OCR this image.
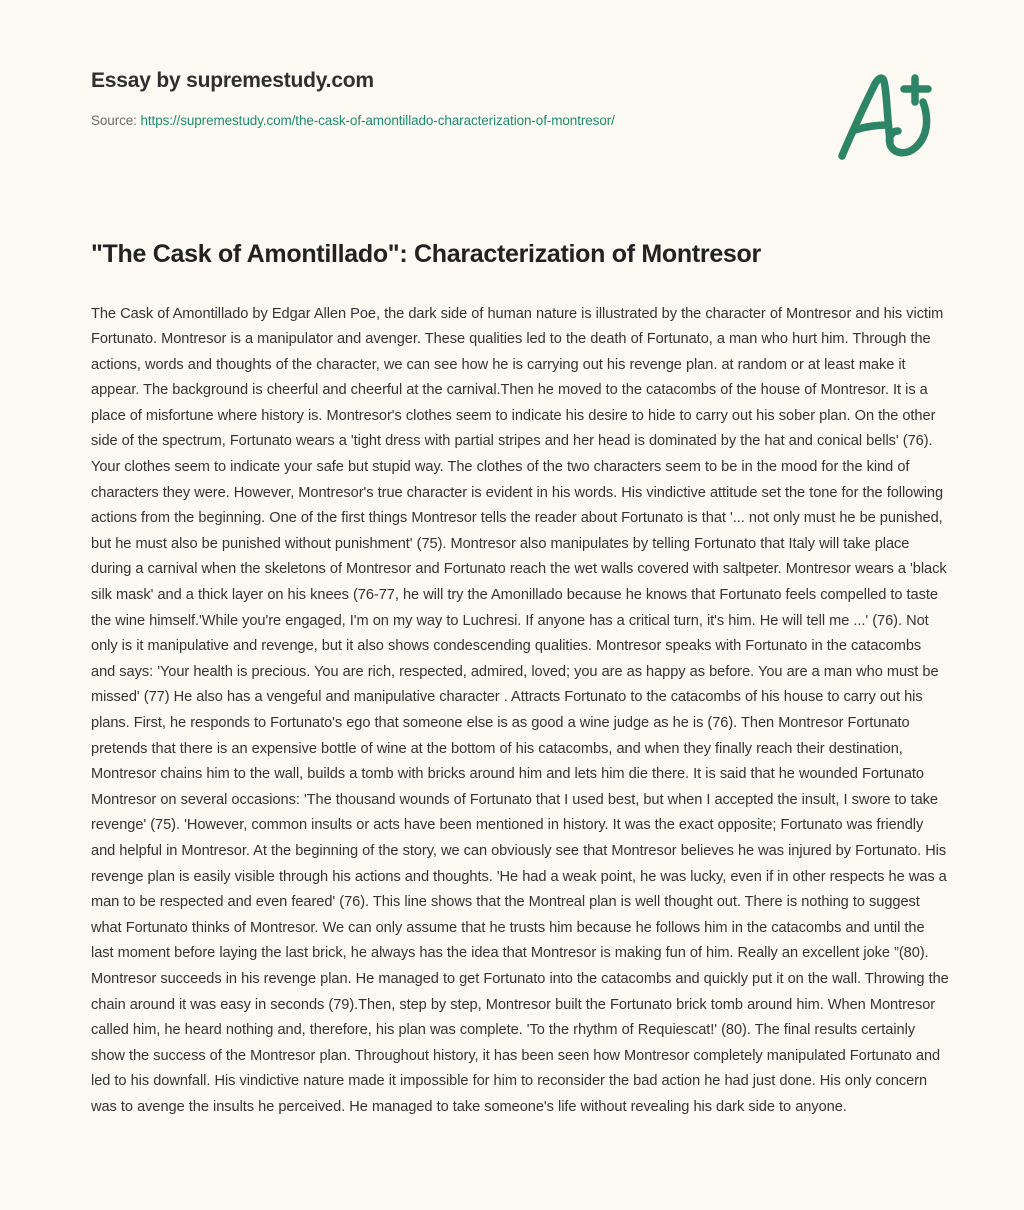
Essay by supremestudy.com
Source: https://supremestudy.com/the-cask-of-amontillado-characterization-of-montresor/
"The Cask of Amontillado": Characterization of Montresor

The Cask of Amontillado by Edgar Allen Poe, the dark side of human nature is illustrated by the character of Montresor and his victim Fortunato. Montresor is a manipulator and avenger. These qualities led to the death of Fortunato, a man who hurt him. Through the actions, words and thoughts of the character, we can see how he is carrying out his revenge plan. at random or at least make it appear. The background is cheerful and cheerful at the carnival.Then he moved to the catacombs of the house of Montresor. It is a place of misfortune where history is. Montresor's clothes seem to indicate his desire to hide to carry out his sober plan. On the other side of the spectrum, Fortunato wears a 'tight dress with partial stripes and her head is dominated by the hat and conical bells' (76). Your clothes seem to indicate your safe but stupid way. The clothes of the two characters seem to be in the mood for the kind of characters they were. However, Montresor's true character is evident in his words. His vindictive attitude set the tone for the following actions from the beginning. One of the first things Montresor tells the reader about Fortunato is that '... not only must he be punished, but he must also be punished without punishment' (75). Montresor also manipulates by telling Fortunato that Italy will take place during a carnival when the skeletons of Montresor and Fortunato reach the wet walls covered with saltpeter. Montresor wears a 'black silk mask' and a thick layer on his knees (76-77, he will try the Amonillado because he knows that Fortunato feels compelled to taste the wine himself.'While you're engaged, I'm on my way to Luchresi. If anyone has a critical turn, it's him. He will tell me ...' (76). Not only is it manipulative and revenge, but it also shows condescending qualities. Montresor speaks with Fortunato in the catacombs and says: 'Your health is precious. You are rich, respected, admired, loved; you are as happy as before. You are a man who must be missed' (77) He also has a vengeful and manipulative character . Attracts Fortunato to the catacombs of his house to carry out his plans. First, he responds to Fortunato's ego that someone else is as good a wine judge as he is (76). Then Montresor Fortunato pretends that there is an expensive bottle of wine at the bottom of his catacombs, and when they finally reach their destination, Montresor chains him to the wall, builds a tomb with bricks around him and lets him die there. It is said that he wounded Fortunato Montresor on several occasions: 'The thousand wounds of Fortunato that I used best, but when I accepted the insult, I swore to take revenge' (75). 'However, common insults or acts have been mentioned in history. It was the exact opposite; Fortunato was friendly and helpful in Montresor. At the beginning of the story, we can obviously see that Montresor believes he was injured by Fortunato. His revenge plan is easily visible through his actions and thoughts. 'He had a weak point, he was lucky, even if in other respects he was a man to be respected and even feared' (76). This line shows that the Montreal plan is well thought out. There is nothing to suggest what Fortunato thinks of Montresor. We can only assume that he trusts him because he follows him in the catacombs and until the last moment before laying the last brick, he always has the idea that Montresor is making fun of him. Really an excellent joke ”(80). Montresor succeeds in his revenge plan. He managed to get Fortunato into the catacombs and quickly put it on the wall. Throwing the chain around it was easy in seconds (79).Then, step by step, Montresor built the Fortunato brick tomb around him. When Montresor called him, he heard nothing and, therefore, his plan was complete. 'To the rhythm of Requiescat!' (80). The final results certainly show the success of the Montresor plan. Throughout history, it has been seen how Montresor completely manipulated Fortunato and led to his downfall. His vindictive nature made it impossible for him to reconsider the bad action he had just done. His only concern was to avenge the insults he perceived. He managed to take someone's life without revealing his dark side to anyone.
